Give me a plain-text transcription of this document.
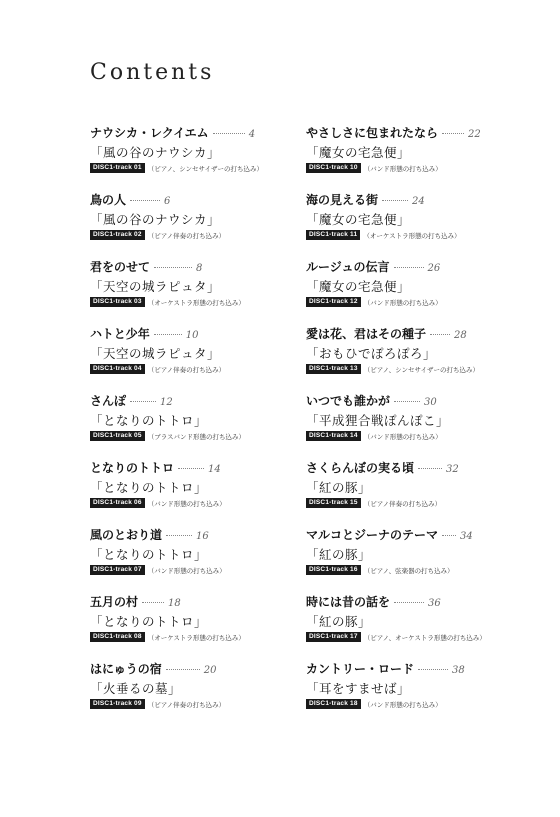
Contents
ナウシカ・レクイエム	4
「風の谷のナウシカ」
DISC1-track 01 （ピアノ、シンセサイザーの打ち込み）
鳥の人	6
「風の谷のナウシカ」
DISC1-track 02 （ピアノ伴奏の打ち込み）
君をのせて	8
「天空の城ラピュタ」
DISC1-track 03 （オーケストラ形態の打ち込み）
ハトと少年	10
「天空の城ラピュタ」
DISC1-track 04 （ピアノ伴奏の打ち込み）
さんぽ	12
「となりのトトロ」
DISC1-track 05 （ブラスバンド形態の打ち込み）
となりのトトロ	14
「となりのトトロ」
DISC1-track 06 （バンド形態の打ち込み）
風のとおり道	16
「となりのトトロ」
DISC1-track 07 （バンド形態の打ち込み）
五月の村	18
「となりのトトロ」
DISC1-track 08 （オーケストラ形態の打ち込み）
はにゅうの宿	20
「火垂るの墓」
DISC1-track 09 （ピアノ伴奏の打ち込み）
やさしさに包まれたなら	22
「魔女の宅急便」
DISC1-track 10 （バンド形態の打ち込み）
海の見える街	24
「魔女の宅急便」
DISC1-track 11 （オーケストラ形態の打ち込み）
ルージュの伝言	26
「魔女の宅急便」
DISC1-track 12 （バンド形態の打ち込み）
愛は花、君はその種子	28
「おもひでぽろぽろ」
DISC1-track 13 （ピアノ、シンセサイザーの打ち込み）
いつでも誰かが	30
「平成狸合戦ぽんぽこ」
DISC1-track 14 （バンド形態の打ち込み）
さくらんぼの実る頃	32
「紅の豚」
DISC1-track 15 （ピアノ伴奏の打ち込み）
マルコとジーナのテーマ 34
「紅の豚」
DISC1-track 16 （ピアノ、弦楽器の打ち込み）
時には昔の話を	36
「紅の豚」
DISC1-track 17 （ピアノ、オーケストラ形態の打ち込み）
カントリー・ロード	38
「耳をすませば」
DISC1-track 18 （バンド形態の打ち込み）
